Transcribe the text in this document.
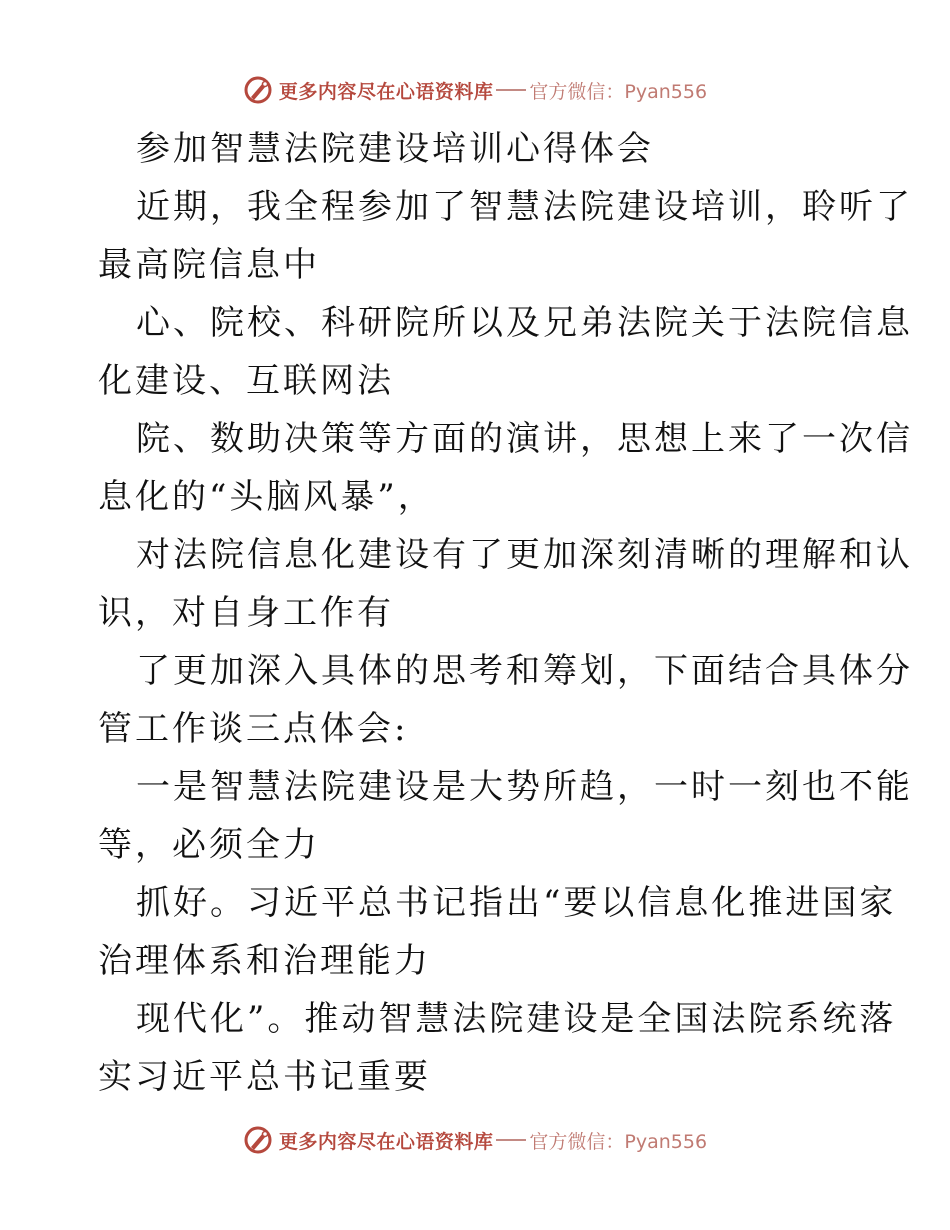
更多内容尽在心语资料库 官方微信：Pyan556
参加智慧法院建设培训心得体会
近期，我全程参加了智慧法院建设培训，聆听了
最高院信息中
心、院校、科研院所以及兄弟法院关于法院信息
化建设、互联网法
院、数助决策等方面的演讲，思想上来了一次信
息化的“头脑风暴”，
对法院信息化建设有了更加深刻清晰的理解和认
识，对自身工作有
了更加深入具体的思考和筹划，下面结合具体分
管工作谈三点体会:
一是智慧法院建设是大势所趋，一时一刻也不能
等，必须全力
抓好。习近平总书记指出“要以信息化推进国家
治理体系和治理能力
现代化”。推动智慧法院建设是全国法院系统落
实习近平总书记重要
更多内容尽在心语资料库 官方微信：Pyan556
